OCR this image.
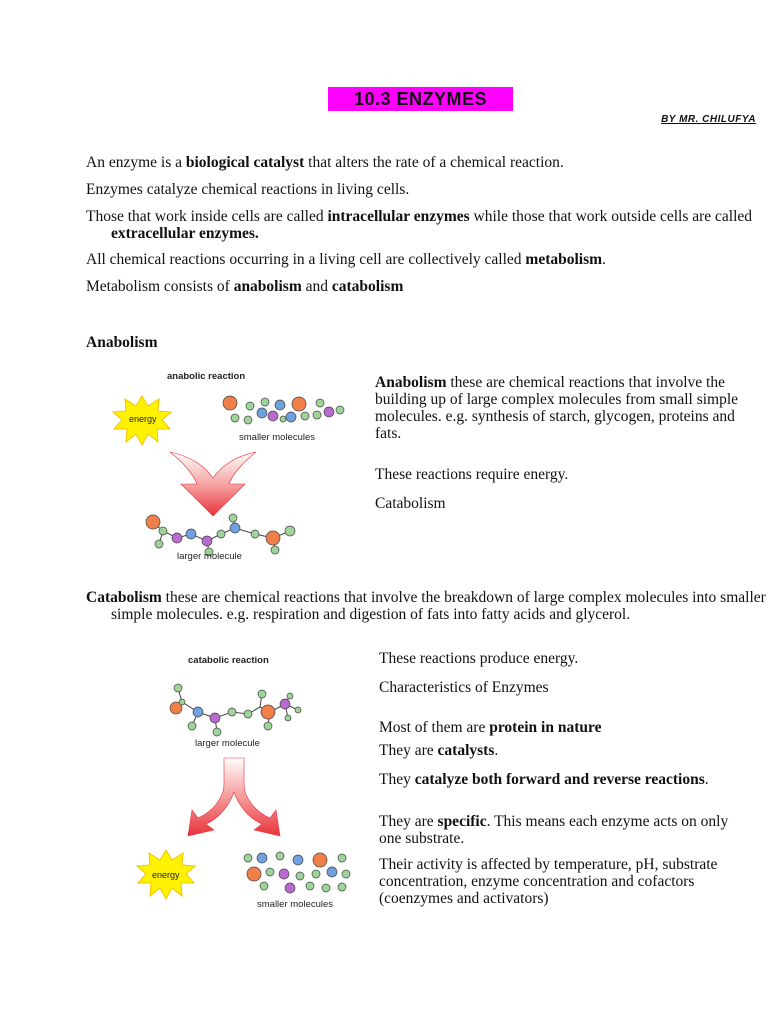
10.3 ENZYMES
BY MR. CHILUFYA
An enzyme is a biological catalyst that alters the rate of a chemical reaction.
Enzymes catalyze chemical reactions in living cells.
Those that work inside cells are called intracellular enzymes while those that work outside cells are called extracellular enzymes.
All chemical reactions occurring in a living cell are collectively called metabolism.
Metabolism consists of anabolism and catabolism
Anabolism
energy
anabolic reaction
smaller molecules
larger molecule
Anabolism these are chemical reactions that involve the building up of large complex molecules from small simple molecules. e.g. synthesis of starch, glycogen, proteins and fats.
These reactions require energy.
Catabolism
Catabolism these are chemical reactions that involve the breakdown of large complex molecules into smaller simple molecules. e.g. respiration and digestion of fats into fatty acids and glycerol.
energy
catabolic reaction
larger molecule
smaller molecules
These reactions produce energy.
Characteristics of Enzymes
Most of them are protein in nature
They are catalysts.
They catalyze both forward and reverse reactions.
They are specific. This means each enzyme acts on only one substrate.
Their activity is affected by temperature, pH, substrate concentration, enzyme concentration and cofactors (coenzymes and activators)
